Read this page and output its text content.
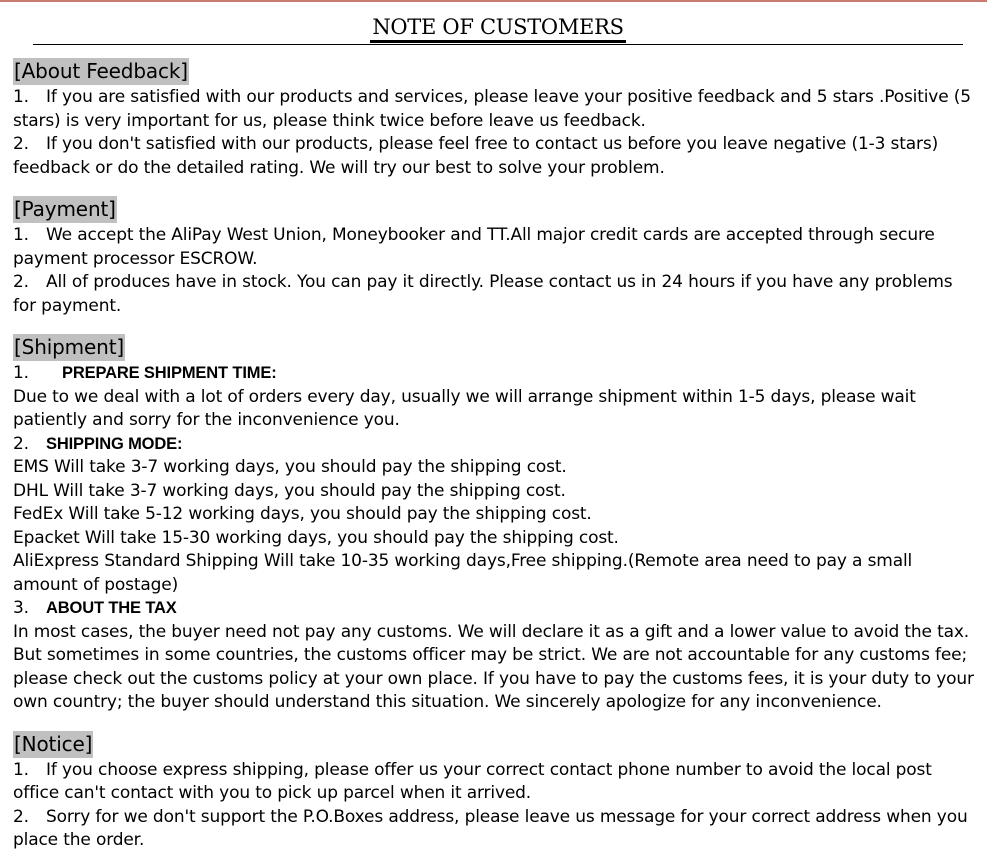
NOTE OF CUSTOMERS
[About Feedback]

1. If you are satisfied with our products and services, please leave your positive feedback and 5 stars .Positive (5 stars) is very important for us, please think twice before leave us feedback.

2. If you don't satisfied with our products, please feel free to contact us before you leave negative (1-3 stars) feedback or do the detailed rating. We will try our best to solve your problem.

[Payment]

1. We accept the AliPay West Union, Moneybooker and TT.All major credit cards are accepted through secure payment processor ESCROW.

2. All of produces have in stock. You can pay it directly. Please contact us in 24 hours if you have any problems for payment.

[Shipment]

1. PREPARE SHIPMENT TIME:

Due to we deal with a lot of orders every day, usually we will arrange shipment within 1-5 days, please wait patiently and sorry for the inconvenience you.

2. SHIPPING MODE:

EMS Will take 3-7 working days, you should pay the shipping cost.

DHL Will take 3-7 working days, you should pay the shipping cost.

FedEx Will take 5-12 working days, you should pay the shipping cost.

Epacket Will take 15-30 working days, you should pay the shipping cost.

AliExpress Standard Shipping Will take 10-35 working days,Free shipping.(Remote area need to pay a small amount of postage)

3. ABOUT THE TAX

In most cases, the buyer need not pay any customs. We will declare it as a gift and a lower value to avoid the tax. But sometimes in some countries, the customs officer may be strict. We are not accountable for any customs fee; please check out the customs policy at your own place. If you have to pay the customs fees, it is your duty to your own country; the buyer should understand this situation. We sincerely apologize for any inconvenience.

[Notice]

1. If you choose express shipping, please offer us your correct contact phone number to avoid the local post office can't contact with you to pick up parcel when it arrived.

2. Sorry for we don't support the P.O.Boxes address, please leave us message for your correct address when you place the order.
